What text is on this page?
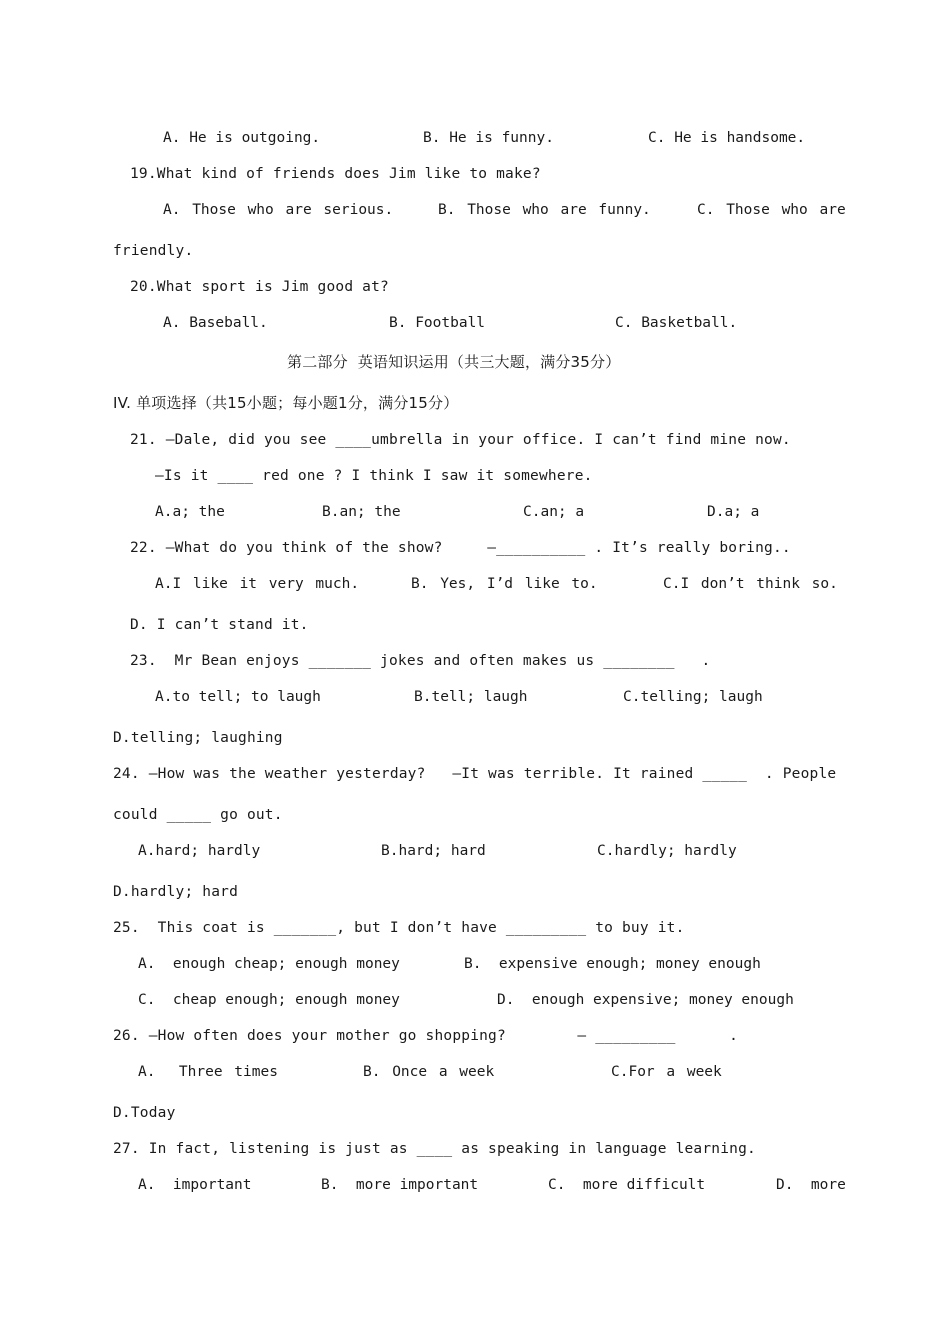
A. He is outgoing.	B. He is funny.	C. He is handsome.
19.What kind of friends does Jim like to make?
A. Those who are serious.	B. Those who are funny.	C. Those who are
friendly.
20.What sport is Jim good at?
A. Baseball.	B. Football	C. Basketball.
第二部分  英语知识运用（共三大题，满分35分）
IV. 单项选择（共15小题；每小题1分，满分15分）
21. —Dale, did you see ____umbrella in your office. I can’t find mine now.
—Is it ____ red one ? I think I saw it somewhere.
A.a; the	B.an; the	C.an; a	D.a; a
22. —What do you think of the show?     —__________ . It’s really boring..
A.I like it very much.	B. Yes, I’d like to.	C.I don’t think so.
D. I can’t stand it.
23.  Mr Bean enjoys _______ jokes and often makes us ________   .
A.to tell; to laugh	B.tell; laugh	C.telling; laugh
D.telling; laughing
24. —How was the weather yesterday?   —It was terrible. It rained _____  . People
could _____ go out.
A.hard; hardly	B.hard; hard	C.hardly; hardly
D.hardly; hard
25.  This coat is _______, but I don’t have _________ to buy it.
A.  enough cheap; enough money	B.  expensive enough; money enough
C.  cheap enough; enough money	D.  enough expensive; money enough
26. —How often does your mother go shopping?        — _________      .
A.  Three times	B. Once a week	C.For a week
D.Today
27. In fact, listening is just as ____ as speaking in language learning.
A.  important	B.  more important	C.  more difficult	D.  more
